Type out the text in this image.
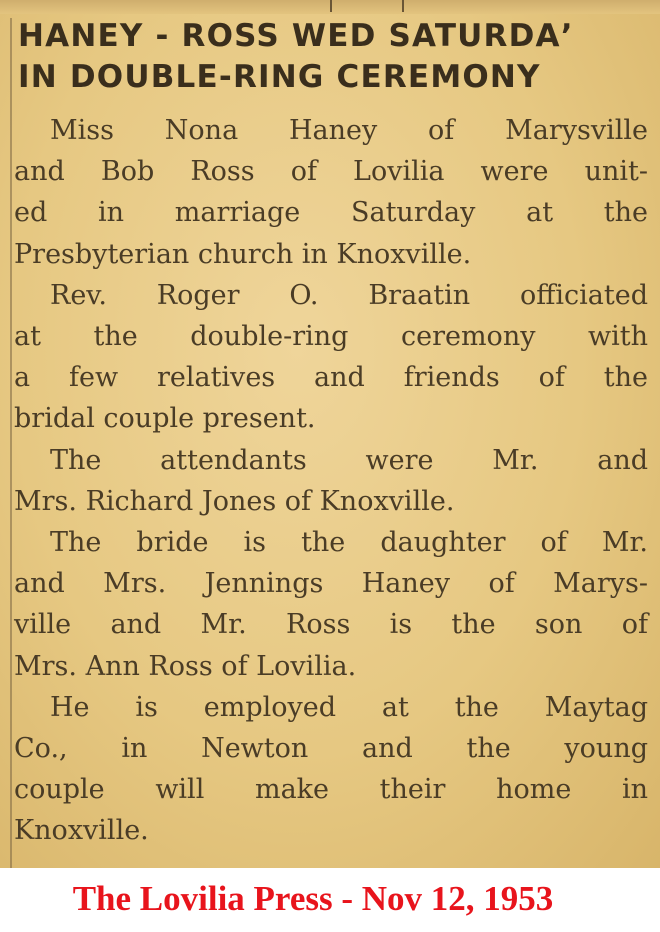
HANEY - ROSS WED SATURDAʼ
IN DOUBLE-RING CEREMONY
Miss Nona Haney of Marysville
and Bob Ross of Lovilia were unit-
ed in marriage Saturday at the
Presbyterian church in Knoxville.
Rev. Roger O. Braatin officiated
at the double-ring ceremony with
a few relatives and friends of the
bridal couple present.
The attendants were Mr. and
Mrs. Richard Jones of Knoxville.
The bride is the daughter of Mr.
and Mrs. Jennings Haney of Marys-
ville and Mr. Ross is the son of
Mrs. Ann Ross of Lovilia.
He is employed at the Maytag
Co., in Newton and the young
couple will make their home in
Knoxville.
The Lovilia Press - Nov 12, 1953
